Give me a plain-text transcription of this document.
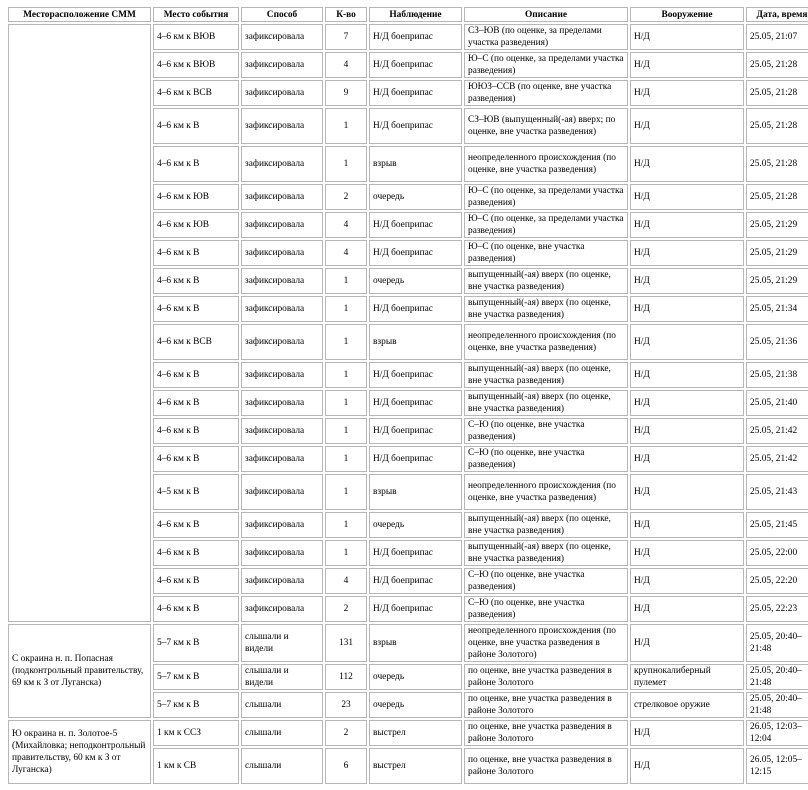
Месторасположение СММ	Место события	Способ	К-во	Наблюдение	Описание	Вооружение	Дата, время
	4–6 км к ВЮВ	зафиксировала	7	Н/Д боеприпас	СЗ–ЮВ (по оценке, за пределами участка разведения)	Н/Д	25.05, 21:07
	4–6 км к ВЮВ	зафиксировала	4	Н/Д боеприпас	Ю–С (по оценке, за пределами участка разведения)	Н/Д	25.05, 21:28
	4–6 км к ВСВ	зафиксировала	9	Н/Д боеприпас	ЮЮЗ–ССВ (по оценке, вне участка разведения)	Н/Д	25.05, 21:28
	4–6 км к В	зафиксировала	1	Н/Д боеприпас	СЗ–ЮВ (выпущенный(-ая) вверх; по оценке, вне участка разведения)	Н/Д	25.05, 21:28
	4–6 км к В	зафиксировала	1	взрыв	неопределенного происхождения (по оценке, вне участка разведения)	Н/Д	25.05, 21:28
	4–6 км к ЮВ	зафиксировала	2	очередь	Ю–С (по оценке, за пределами участка разведения)	Н/Д	25.05, 21:28
	4–6 км к ЮВ	зафиксировала	4	Н/Д боеприпас	Ю–С (по оценке, за пределами участка разведения)	Н/Д	25.05, 21:29
	4–6 км к В	зафиксировала	4	Н/Д боеприпас	Ю–С (по оценке, вне участка разведения)	Н/Д	25.05, 21:29
	4–6 км к В	зафиксировала	1	очередь	выпущенный(-ая) вверх (по оценке, вне участка разведения)	Н/Д	25.05, 21:29
	4–6 км к В	зафиксировала	1	Н/Д боеприпас	выпущенный(-ая) вверх (по оценке, вне участка разведения)	Н/Д	25.05, 21:34
	4–6 км к ВСВ	зафиксировала	1	взрыв	неопределенного происхождения (по оценке, вне участка разведения)	Н/Д	25.05, 21:36
	4–6 км к В	зафиксировала	1	Н/Д боеприпас	выпущенный(-ая) вверх (по оценке, вне участка разведения)	Н/Д	25.05, 21:38
	4–6 км к В	зафиксировала	1	Н/Д боеприпас	выпущенный(-ая) вверх (по оценке, вне участка разведения)	Н/Д	25.05, 21:40
	4–6 км к В	зафиксировала	1	Н/Д боеприпас	С–Ю (по оценке, вне участка разведения)	Н/Д	25.05, 21:42
	4–6 км к В	зафиксировала	1	Н/Д боеприпас	С–Ю (по оценке, вне участка разведения)	Н/Д	25.05, 21:42
	4–5 км к В	зафиксировала	1	взрыв	неопределенного происхождения (по оценке, вне участка разведения)	Н/Д	25.05, 21:43
	4–6 км к В	зафиксировала	1	очередь	выпущенный(-ая) вверх (по оценке, вне участка разведения)	Н/Д	25.05, 21:45
	4–6 км к В	зафиксировала	1	Н/Д боеприпас	выпущенный(-ая) вверх (по оценке, вне участка разведения)	Н/Д	25.05, 22:00
	4–6 км к В	зафиксировала	4	Н/Д боеприпас	С–Ю (по оценке, вне участка разведения)	Н/Д	25.05, 22:20
	4–6 км к В	зафиксировала	2	Н/Д боеприпас	С–Ю (по оценке, вне участка разведения)	Н/Д	25.05, 22:23
С окраина н. п. Попасная (подконтрольный правительству, 69 км к З от Луганска)	5–7 км к В	слышали и видели	131	взрыв	неопределенного происхождения (по оценке, вне участка разведения в районе Золотого)	Н/Д	25.05, 20:40–21:48
	5–7 км к В	слышали и видели	112	очередь	по оценке, вне участка разведения в районе Золотого	крупнокалиберный пулемет	25.05, 20:40–21:48
	5–7 км к В	слышали	23	очередь	по оценке, вне участка разведения в районе Золотого	стрелковое оружие	25.05, 20:40–21:48
Ю окраина н. п. Золотое-5 (Михайловка; неподконтрольный правительству, 60 км к З от Луганска)	1 км к ССЗ	слышали	2	выстрел	по оценке, вне участка разведения в районе Золотого	Н/Д	26.05, 12:03–12:04
	1 км к СВ	слышали	6	выстрел	по оценке, вне участка разведения в районе Золотого	Н/Д	26.05, 12:05–12:15
